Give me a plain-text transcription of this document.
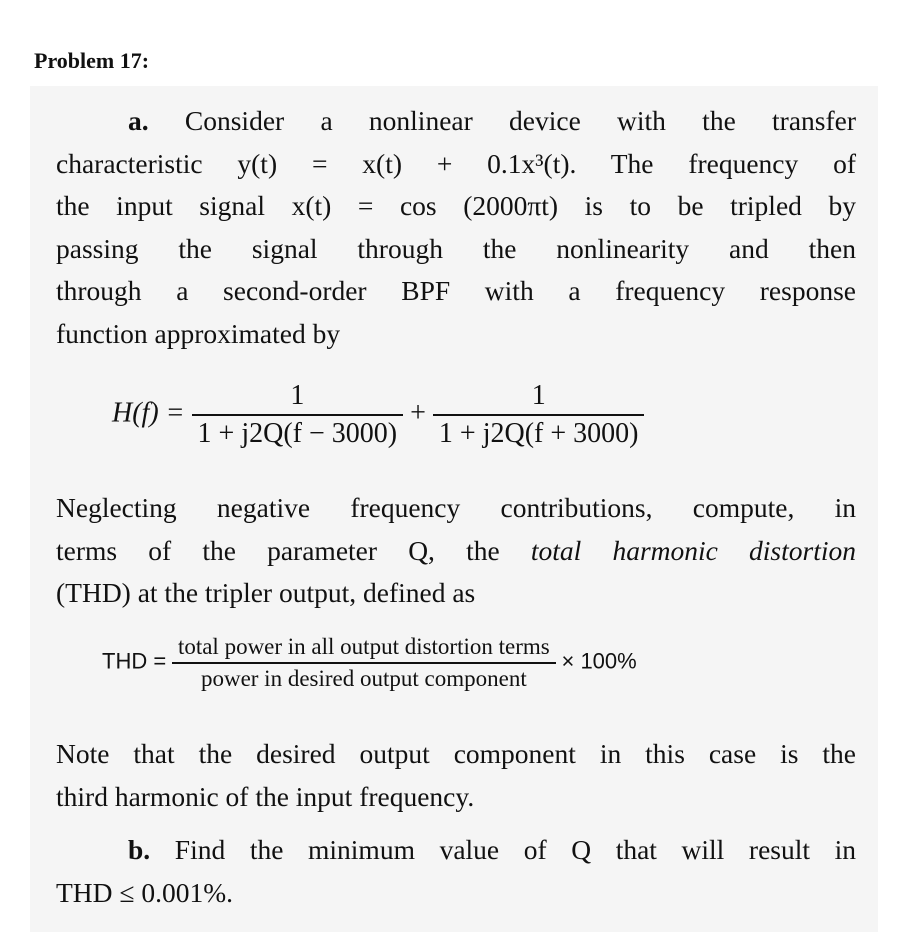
Problem 17:
a. Consider a nonlinear device with the transfer
characteristic y(t) = x(t) + 0.1x³(t). The frequency of
the input signal x(t) = cos (2000πt) is to be tripled by
passing the signal through the nonlinearity and then
through a second-order BPF with a frequency response
function approximated by
$H(f) = \frac{1}{1 + j2Q(f - 3000)} + \frac{1}{1 + j2Q(f + 3000)}$
Neglecting negative frequency contributions, compute, in
terms of the parameter Q, the total harmonic distortion
(THD) at the tripler output, defined as
THD = $\frac{\text{total power in all output distortion terms}}{\text{power in desired output component}} \times 100\%$
Note that the desired output component in this case is the
third harmonic of the input frequency.
b. Find the minimum value of Q that will result in
THD ≤ 0.001%.
